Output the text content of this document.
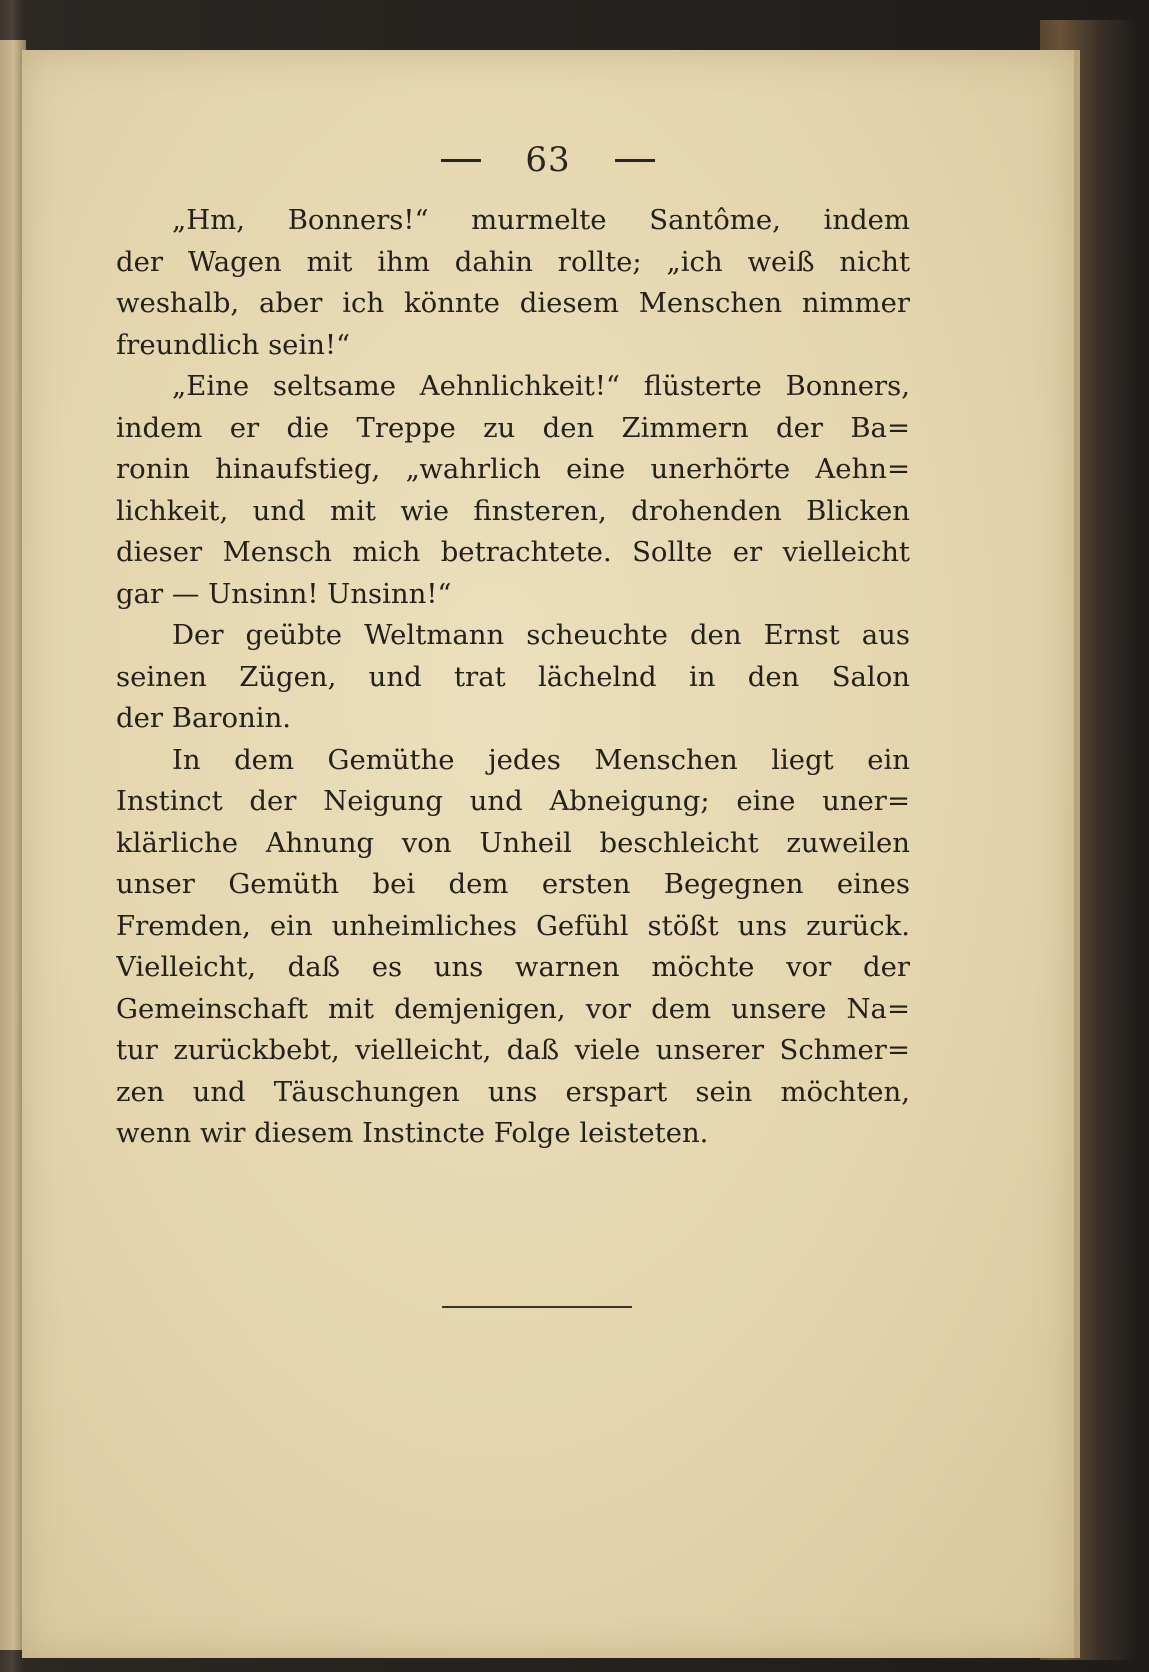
63
„Hm, Bonners!“ murmelte Santôme, indem
der Wagen mit ihm dahin rollte; „ich weiß nicht
weshalb, aber ich könnte diesem Menschen nimmer
freundlich sein!“
„Eine seltsame Aehnlichkeit!“ flüsterte Bonners,
indem er die Treppe zu den Zimmern der Ba=
ronin hinaufstieg, „wahrlich eine unerhörte Aehn=
lichkeit, und mit wie finsteren, drohenden Blicken
dieser Mensch mich betrachtete. Sollte er vielleicht
gar — Unsinn! Unsinn!“
Der geübte Weltmann scheuchte den Ernst aus
seinen Zügen, und trat lächelnd in den Salon
der Baronin.
In dem Gemüthe jedes Menschen liegt ein
Instinct der Neigung und Abneigung; eine uner=
klärliche Ahnung von Unheil beschleicht zuweilen
unser Gemüth bei dem ersten Begegnen eines
Fremden, ein unheimliches Gefühl stößt uns zurück.
Vielleicht, daß es uns warnen möchte vor der
Gemeinschaft mit demjenigen, vor dem unsere Na=
tur zurückbebt, vielleicht, daß viele unserer Schmer=
zen und Täuschungen uns erspart sein möchten,
wenn wir diesem Instincte Folge leisteten.
